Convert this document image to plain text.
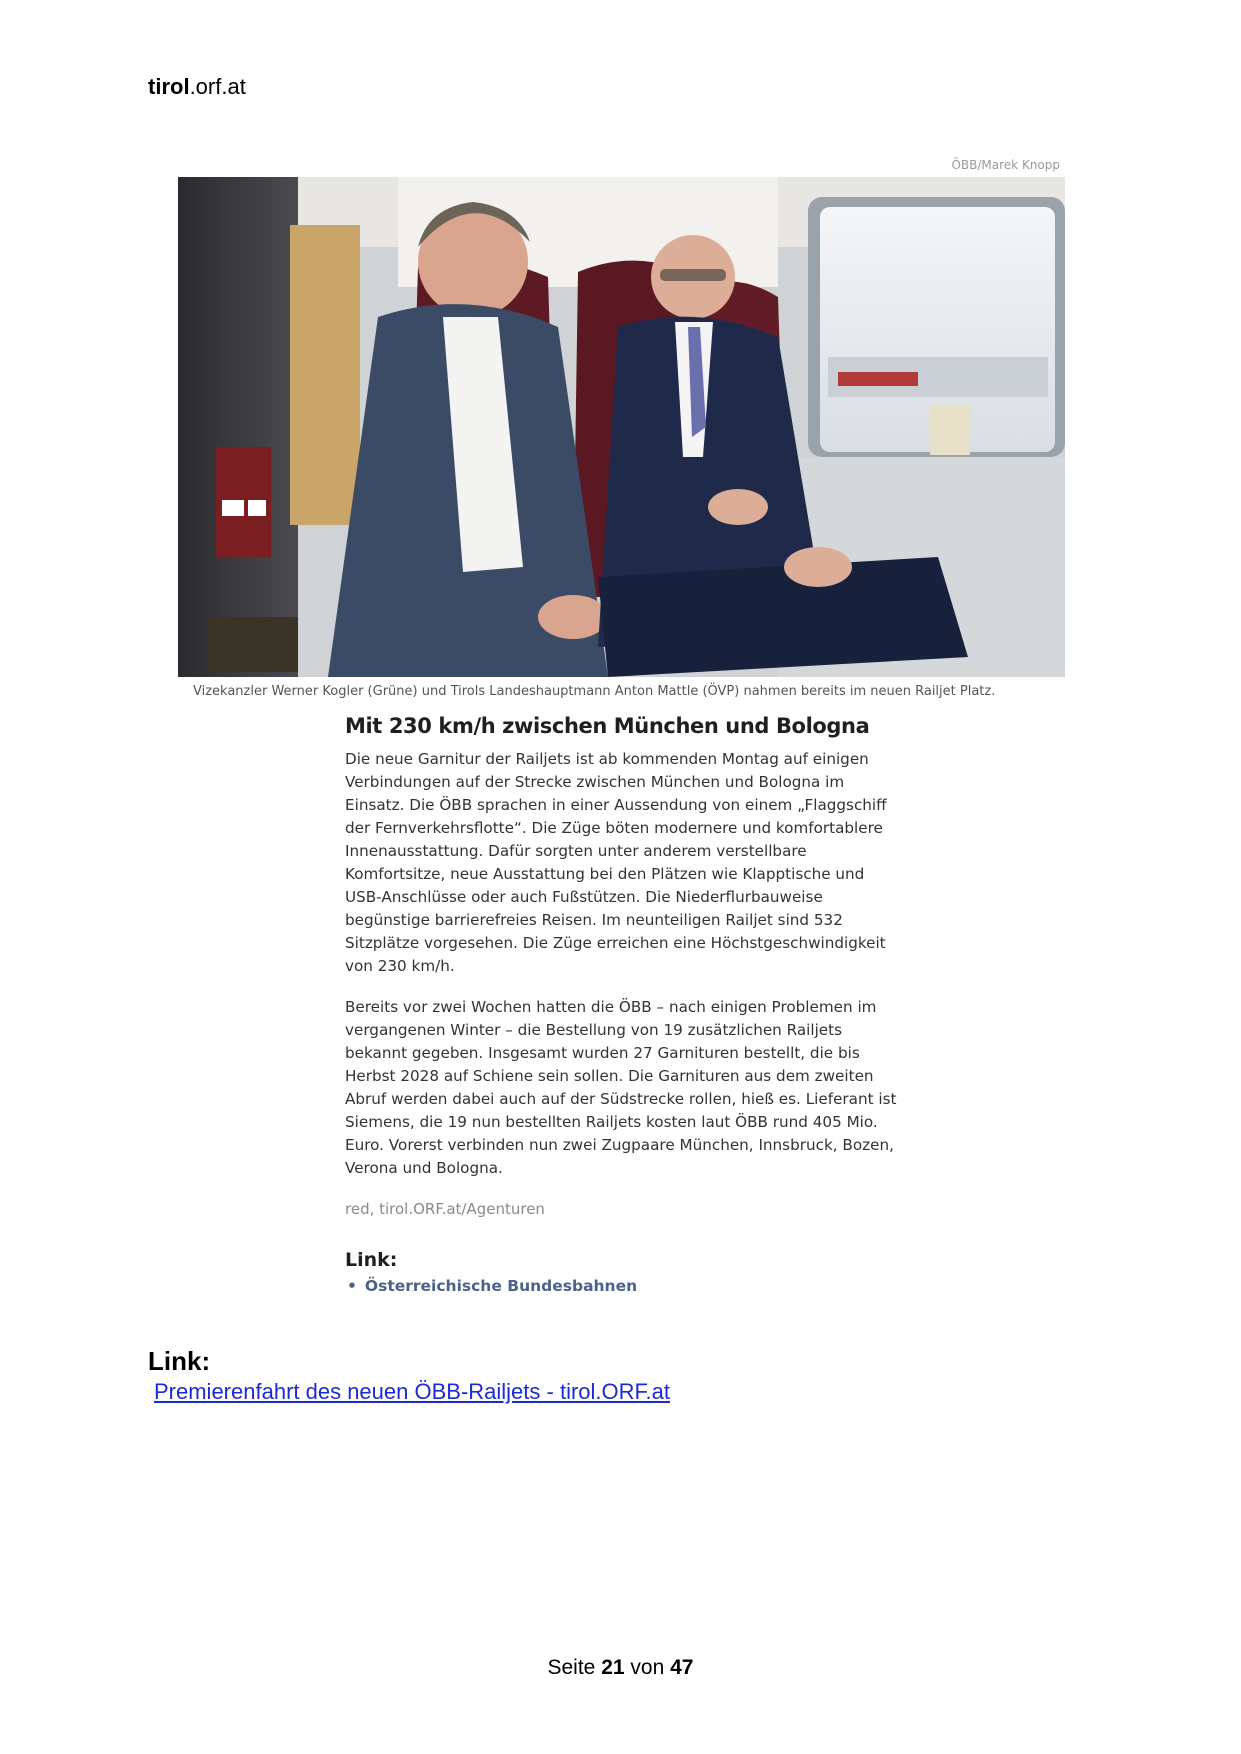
tirol.orf.at
ÖBB/Marek Knopp
Vizekanzler Werner Kogler (Grüne) und Tirols Landeshauptmann Anton Mattle (ÖVP) nahmen bereits im neuen Railjet Platz.
Mit 230 km/h zwischen München und Bologna

Die neue Garnitur der Railjets ist ab kommenden Montag auf einigen Verbindungen auf der Strecke zwischen München und Bologna im Einsatz. Die ÖBB sprachen in einer Aussendung von einem „Flaggschiff der Fernverkehrsflotte“. Die Züge böten modernere und komfortablere Innenausstattung. Dafür sorgten unter anderem verstellbare Komfortsitze, neue Ausstattung bei den Plätzen wie Klapptische und USB-Anschlüsse oder auch Fußstützen. Die Niederflurbauweise begünstige barrierefreies Reisen. Im neunteiligen Railjet sind 532 Sitzplätze vorgesehen. Die Züge erreichen eine Höchstgeschwindigkeit von 230 km/h.

Bereits vor zwei Wochen hatten die ÖBB – nach einigen Problemen im vergangenen Winter – die Bestellung von 19 zusätzlichen Railjets bekannt gegeben. Insgesamt wurden 27 Garnituren bestellt, die bis Herbst 2028 auf Schiene sein sollen. Die Garnituren aus dem zweiten Abruf werden dabei auch auf der Südstrecke rollen, hieß es. Lieferant ist Siemens, die 19 nun bestellten Railjets kosten laut ÖBB rund 405 Mio. Euro. Vorerst verbinden nun zwei Zugpaare München, Innsbruck, Bozen, Verona und Bologna.

red, tirol.ORF.at/Agenturen

Link:
• Österreichische Bundesbahnen
Link:
Premierenfahrt des neuen ÖBB-Railjets - tirol.ORF.at
Seite 21 von 47
